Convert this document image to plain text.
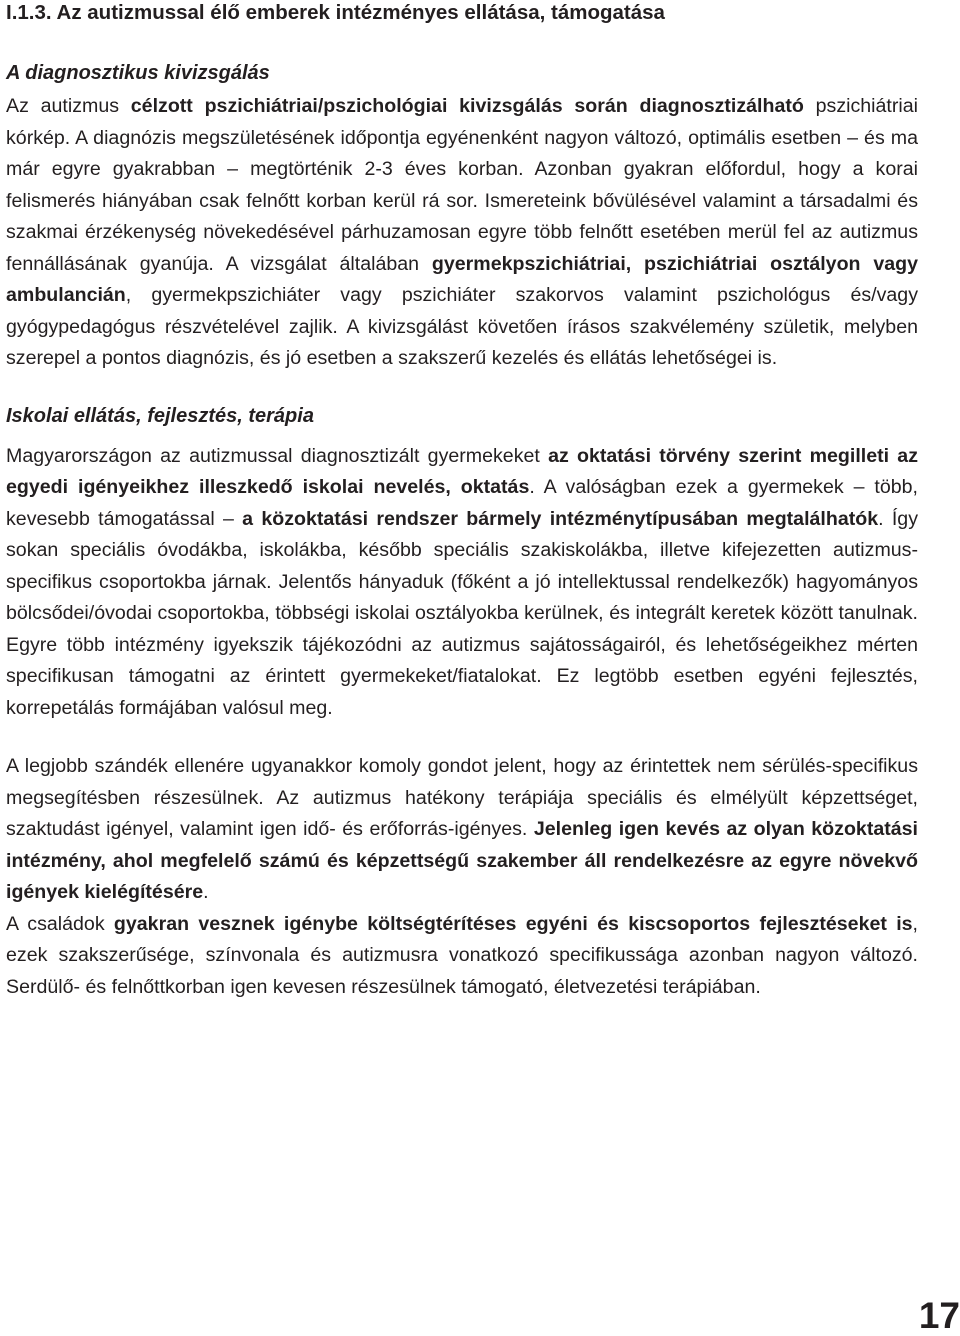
I.1.3. Az autizmussal élő emberek intézményes ellátása, támogatása
A diagnosztikus kivizsgálás

Az autizmus célzott pszichiátriai/pszichológiai kivizsgálás során diagnosztizálható pszichiátriai kórkép. A diagnózis megszületésének időpontja egyénenként nagyon változó, optimális esetben – és ma már egyre gyakrabban – megtörténik 2-3 éves korban. Azonban gyakran előfordul, hogy a korai felismerés hiányában csak felnőtt korban kerül rá sor. Ismereteink bővülésével valamint a társadalmi és szakmai érzékenység növekedésével párhuzamosan egyre több felnőtt esetében merül fel az autizmus fennállásának gyanúja. A vizsgálat általában gyermekpszichiátriai, pszichiátriai osztályon vagy ambulancián, gyermekpszichiáter vagy pszichiáter szakorvos valamint pszichológus és/vagy gyógypedagógus részvételével zajlik. A kivizsgálást követően írásos szakvélemény születik, melyben szerepel a pontos diagnózis, és jó esetben a szakszerű kezelés és ellátás lehetőségei is.

Iskolai ellátás, fejlesztés, terápia

Magyarországon az autizmussal diagnosztizált gyermekeket az oktatási törvény szerint megilleti az egyedi igényeikhez illeszkedő iskolai nevelés, oktatás. A valóságban ezek a gyermekek – több, kevesebb támogatással – a közoktatási rendszer bármely intézménytípusában megtalálhatók. Így sokan speciális óvodákba, iskolákba, később speciális szakiskolákba, illetve kifejezetten autizmus-specifikus csoportokba járnak. Jelentős hányaduk (főként a jó intellektussal rendelkezők) hagyományos bölcsődei/óvodai csoportokba, többségi iskolai osztályokba kerülnek, és integrált keretek között tanulnak. Egyre több intézmény igyekszik tájékozódni az autizmus sajátosságairól, és lehetőségeikhez mérten specifikusan támogatni az érintett gyermekeket/fiatalokat. Ez legtöbb esetben egyéni fejlesztés, korrepetálás formájában valósul meg.

A legjobb szándék ellenére ugyanakkor komoly gondot jelent, hogy az érintettek nem sérülés-specifikus megsegítésben részesülnek. Az autizmus hatékony terápiája speciális és elmélyült képzettséget, szaktudást igényel, valamint igen idő- és erőforrás-igényes. Jelenleg igen kevés az olyan közoktatási intézmény, ahol megfelelő számú és képzettségű szakember áll rendelkezésre az egyre növekvő igények kielégítésére.

A családok gyakran vesznek igénybe költségtérítéses egyéni és kiscsoportos fejlesztéseket is, ezek szakszerűsége, színvonala és autizmusra vonatkozó specifikussága azonban nagyon változó. Serdülő- és felnőttkorban igen kevesen részesülnek támogató, életvezetési terápiában.

17
